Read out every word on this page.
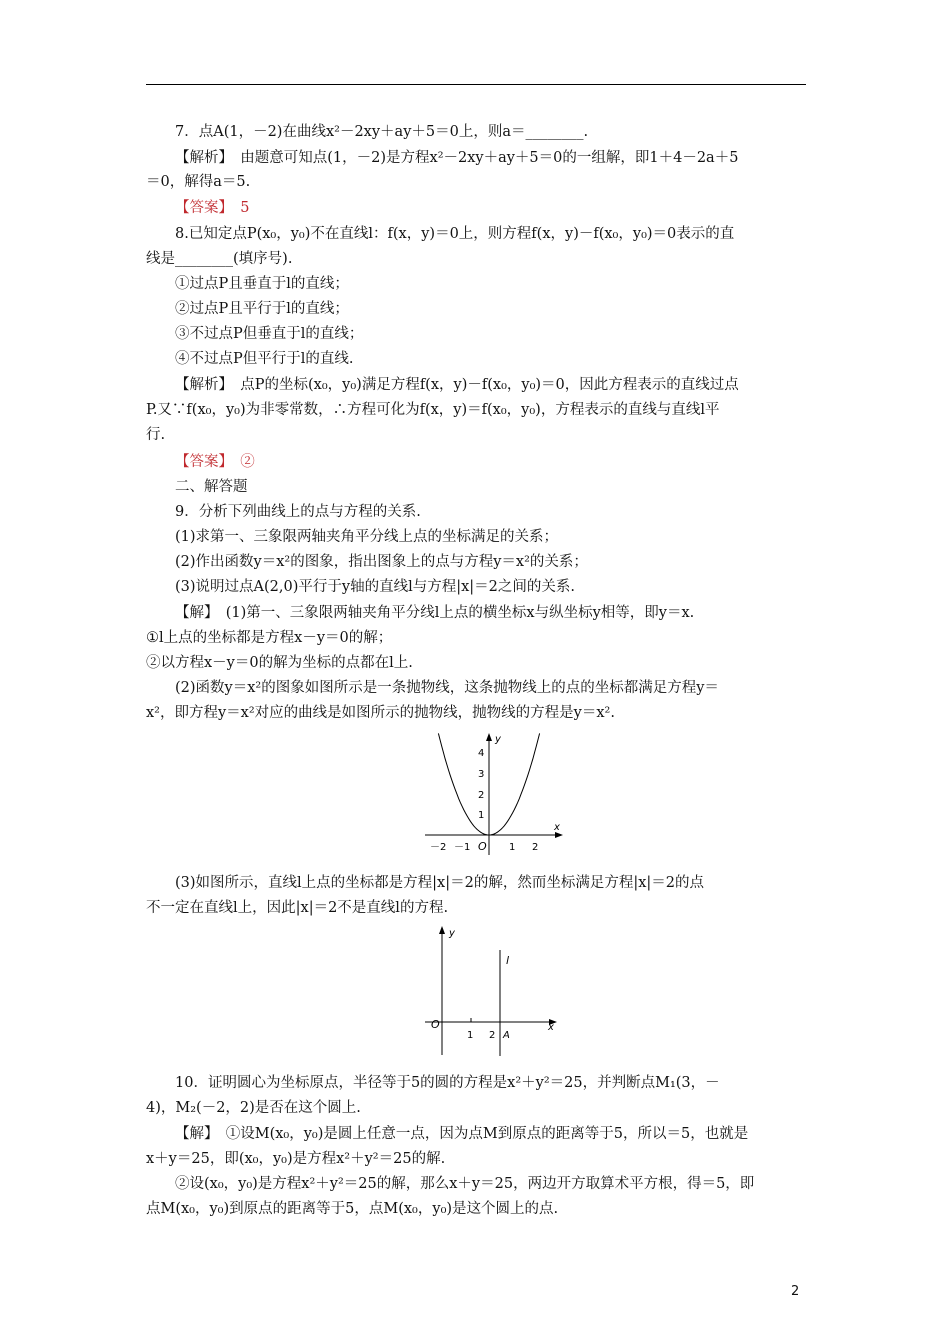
7．点A(1，－2)在曲线x²－2xy＋ay＋5＝0上，则a＝________.
【解析】　由题意可知点(1，－2)是方程x²－2xy＋ay＋5＝0的一组解，即1＋4－2a＋5
＝0，解得a＝5.
【答案】　5
8.已知定点P(x₀，y₀)不在直线l：f(x，y)＝0上，则方程f(x，y)－f(x₀，y₀)＝0表示的直
线是________(填序号).
①过点P且垂直于l的直线；
②过点P且平行于l的直线；
③不过点P但垂直于l的直线；
④不过点P但平行于l的直线.
【解析】　点P的坐标(x₀，y₀)满足方程f(x，y)－f(x₀，y₀)＝0，因此方程表示的直线过点
P.又∵f(x₀，y₀)为非零常数，∴方程可化为f(x，y)＝f(x₀，y₀)，方程表示的直线与直线l平
行.
【答案】　②
二、解答题
9．分析下列曲线上的点与方程的关系.
(1)求第一、三象限两轴夹角平分线上点的坐标满足的关系；
(2)作出函数y＝x²的图象，指出图象上的点与方程y＝x²的关系；
(3)说明过点A(2,0)平行于y轴的直线l与方程|x|＝2之间的关系.
【解】　(1)第一、三象限两轴夹角平分线l上点的横坐标x与纵坐标y相等，即y＝x.
①l上点的坐标都是方程x－y＝0的解；
②以方程x－y＝0的解为坐标的点都在l上.
(2)函数y＝x²的图象如图所示是一条抛物线，这条抛物线上的点的坐标都满足方程y＝
x²，即方程y＝x²对应的曲线是如图所示的抛物线，抛物线的方程是y＝x².
y
x
O
－2 －1	1 2
1
2
3
4
(3)如图所示，直线l上点的坐标都是方程|x|＝2的解，然而坐标满足方程|x|＝2的点
不一定在直线l上，因此|x|＝2不是直线l的方程.
y
x
O
l
1 2 A
10．证明圆心为坐标原点，半径等于5的圆的方程是x²＋y²＝25，并判断点M₁(3，－
4)，M₂(－2，2)是否在这个圆上.
【解】　①设M(x₀，y₀)是圆上任意一点，因为点M到原点的距离等于5，所以＝5，也就是
x＋y＝25，即(x₀，y₀)是方程x²＋y²＝25的解.
②设(x₀，y₀)是方程x²＋y²＝25的解，那么x＋y＝25，两边开方取算术平方根，得＝5，即
点M(x₀，y₀)到原点的距离等于5，点M(x₀，y₀)是这个圆上的点.
2
